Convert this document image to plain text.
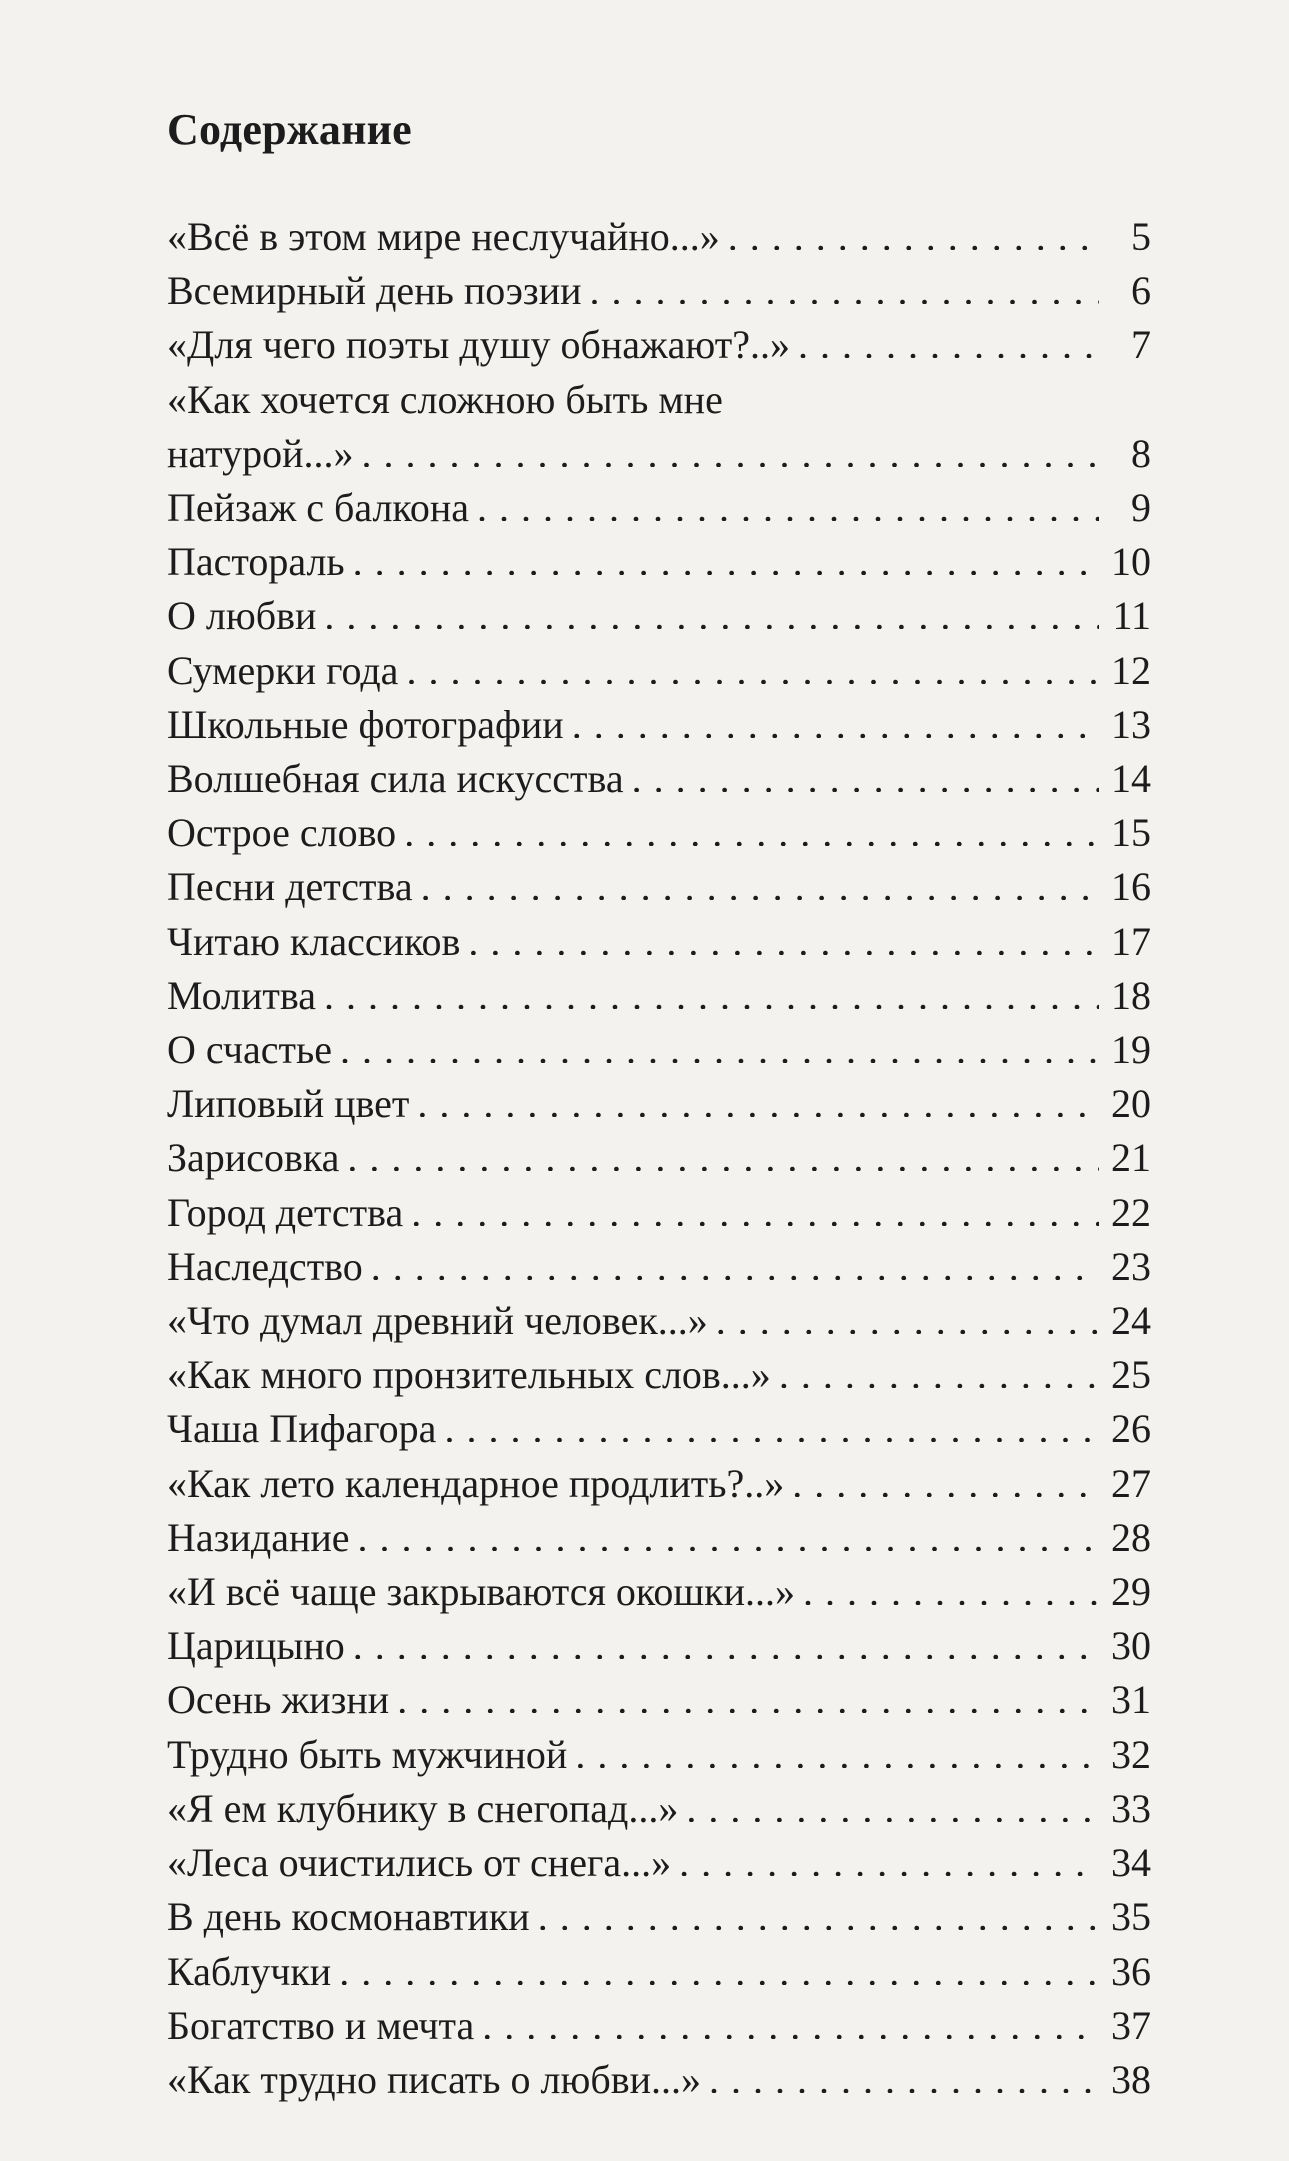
Содержание
«Всё в этом мире неслучайно...» . . .	5
Всемирный день поэзии . . .	6
«Для чего поэты душу обнажают?..» . . .	7
«Как хочется сложною быть мне
натурой...» . . .	8
Пейзаж с балкона . . .	9
Пастораль . . .	10
О любви . . .	11
Сумерки года . . .	12
Школьные фотографии . . .	13
Волшебная сила искусства . . .	14
Острое слово . . .	15
Песни детства . . .	16
Читаю классиков . . .	17
Молитва . . .	18
О счастье . . .	19
Липовый цвет . . .	20
Зарисовка . . .	21
Город детства . . .	22
Наследство . . .	23
«Что думал древний человек...» . . .	24
«Как много пронзительных слов...» . . .	25
Чаша Пифагора . . .	26
«Как лето календарное продлить?..» . . .	27
Назидание . . .	28
«И всё чаще закрываются окошки...» . . .	29
Царицыно . . .	30
Осень жизни . . .	31
Трудно быть мужчиной . . .	32
«Я ем клубнику в снегопад...» . . .	33
«Леса очистились от снега...» . . .	34
В день космонавтики . . .	35
Каблучки . . .	36
Богатство и мечта . . .	37
«Как трудно писать о любви...» . . .	38
